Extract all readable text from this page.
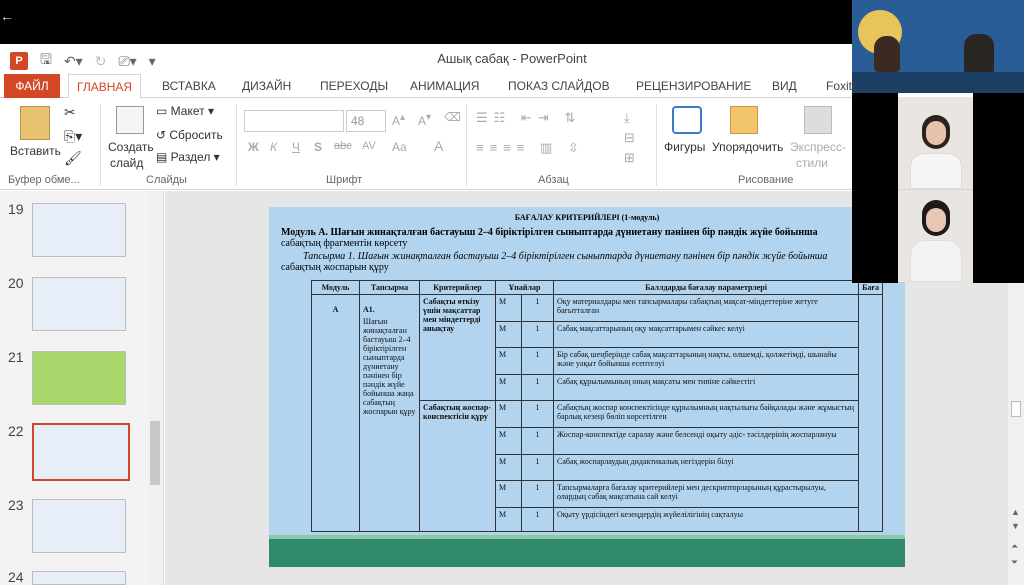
←
P	🖫 ↶▾ ↻ ⎚▾ ▾	Ашық сабақ - PowerPoint
ФАЙЛ	ГЛАВНАЯ	ВСТАВКА	ДИЗАЙН	ПЕРЕХОДЫ	АНИМАЦИЯ	ПОКАЗ СЛАЙДОВ	РЕЦЕНЗИРОВАНИЕ	ВИД	Foxit
Вставить
✂
⎘▾
🖌
Буфер обме...
Создать
слайд
▭ Макет ▾
↺ Сбросить
▤ Раздел ▾
Слайды
48	A▴ A▾ ⌫
Ж К Ч S abc AV Aa A
Шрифт
☰☷ ⇤⇥ ⇅
≡≡≡≡ ▥ ⇳
⤓
⊟
⊞
Абзац
Фигуры Упорядочить Экспресс-
стили
Рисование
19
20
21
22
23
24
БАҒАЛАУ КРИТЕРИЙЛЕРІ (1-модуль)
Модуль А. Шағын жинақталған бастауыш 2–4 біріктірілген сыныптарда дүниетану пәнінен бір пәндік жүйе бойынша
сабақтың фрагментін көрсету
Тапсырма 1. Шағын жинақталған бастауыш 2–4 біріктірілген сыныптарда дүниетану пәнінен бір пәндік жүйе бойынша
сабақтың жоспарын құру
Модуль	Тапсырма	Критерийлер	Ұпайлар		Баллдарды бағалау параметрлері	Баға
А	А1.
Шағын жинақталған бастауыш 2–4 біріктірілген сыныптарда дүниетану пәнінен бір пәндік жүйе бойынша жаңа сабақтың жоспарын құру	Сабақты өткізу үшін мақсаттар мен міндеттерді анықтау	М	1	Оқу материалдары мен тапсырмалары сабақтың мақсат-міндеттеріне жетуге бағытталған	
			М	1	Сабақ мақсаттарының оқу мақсаттарымен сәйкес келуі	
			М	1	Бір сабақ шеңберінде сабақ мақсаттарының нақты, өлшемді, қолжетімді, шынайы және уақыт бойынша есептелуі	
			М	1	Сабақ құрылымының оның мақсаты мен типіне сәйкестігі	
		Сабақтың жоспар-конспектісін құру	М	1	Сабақтың жоспар конспектісінде құрылымның нақтылығы байқалады және жұмыстың барлық кезеңі бөліп көрсетілген	
			М	1	Жоспар-конспектіде саралау және белсенді оқыту әдіс- тәсілдерінің жоспарлануы	
			М	1	Сабақ жоспарлаудың дидактикалық негіздерін білуі	
			М	1	Тапсырмаларға бағалау критерийлері мен дескрипторларының құрастырылуы, олардың сабақ мақсатына сай келуі	
			М	1	Оқыту үрдісіндегі кезеңдердің жүйелілігінің сақталуы		▲
▼
⏶
⏷
